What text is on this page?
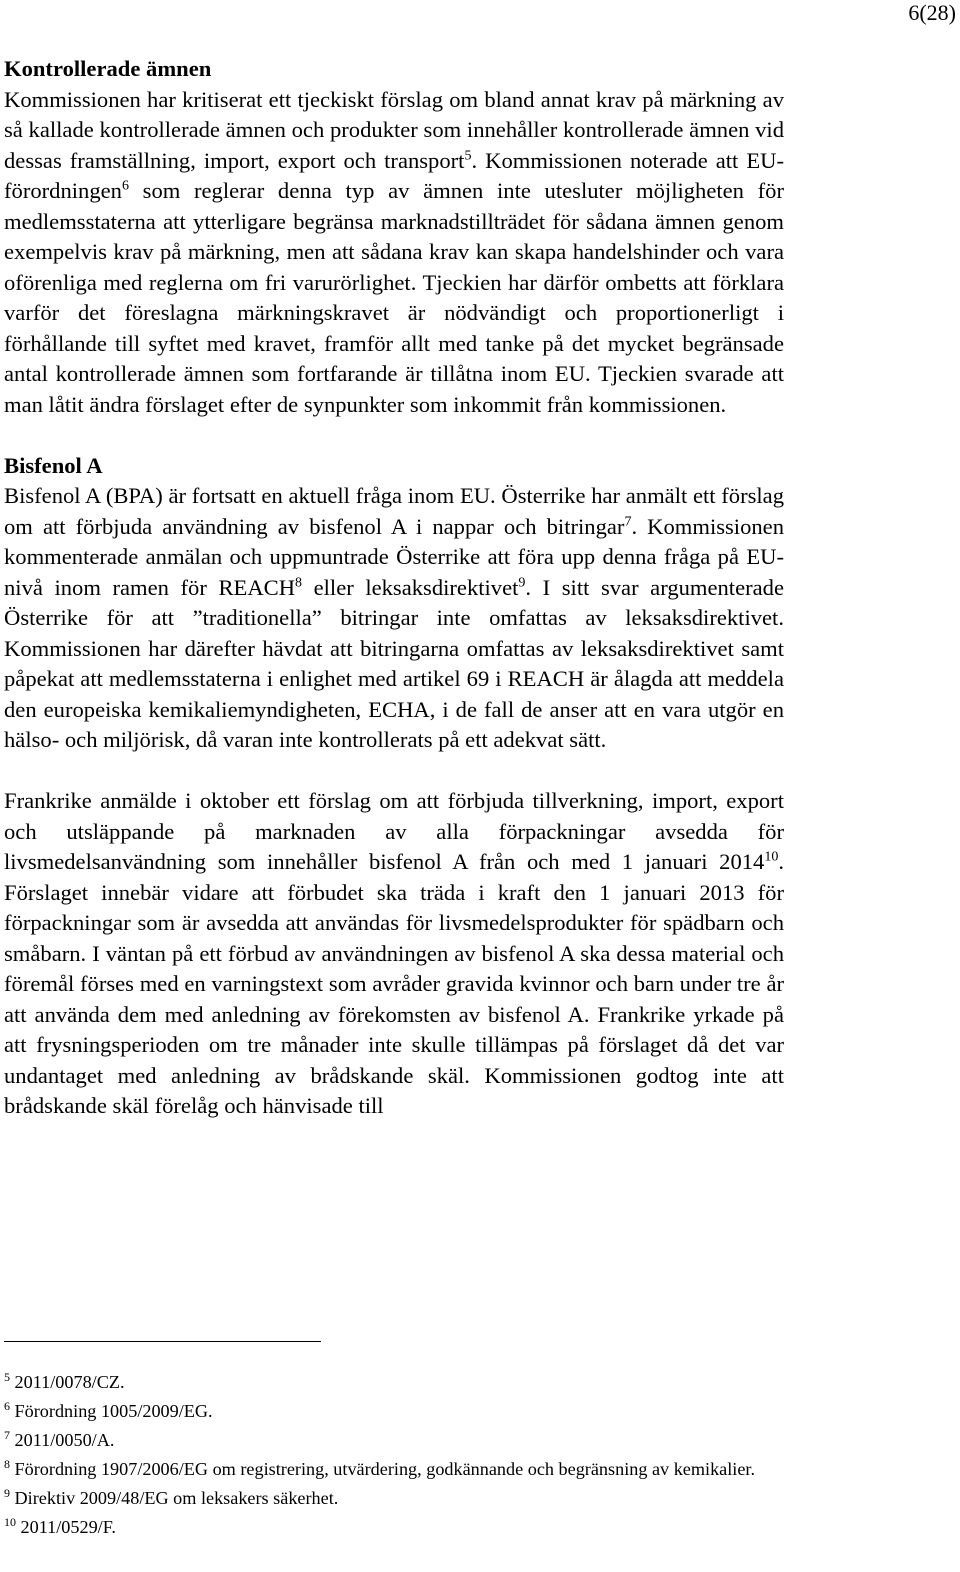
6(28)

Kontrollerade ämnen

Kommissionen har kritiserat ett tjeckiskt förslag om bland annat krav på märkning av så kallade kontrollerade ämnen och produkter som innehåller kontrollerade ämnen vid dessas framställning, import, export och transport$^5$. Kommissionen noterade att EU-förordningen$^6$ som reglerar denna typ av ämnen inte utesluter möjligheten för medlemsstaterna att ytterligare begränsa marknadstillträdet för sådana ämnen genom exempelvis krav på märkning, men att sådana krav kan skapa handelshinder och vara oförenliga med reglerna om fri varurörlighet. Tjeckien har därför ombetts att förklara varför det föreslagna märkningskravet är nödvändigt och proportionerligt i förhållande till syftet med kravet, framför allt med tanke på det mycket begränsade antal kontrollerade ämnen som fortfarande är tillåtna inom EU. Tjeckien svarade att man låtit ändra förslaget efter de synpunkter som inkommit från kommissionen.

Bisfenol A

Bisfenol A (BPA) är fortsatt en aktuell fråga inom EU. Österrike har anmält ett förslag om att förbjuda användning av bisfenol A i nappar och bitringar$^7$. Kommissionen kommenterade anmälan och uppmuntrade Österrike att föra upp denna fråga på EU-nivå inom ramen för REACH$^8$ eller leksaksdirektivet$^9$. I sitt svar argumenterade Österrike för att ”traditionella” bitringar inte omfattas av leksaksdirektivet. Kommissionen har därefter hävdat att bitringarna omfattas av leksaksdirektivet samt påpekat att medlemsstaterna i enlighet med artikel 69 i REACH är ålagda att meddela den europeiska kemikaliemyndigheten, ECHA, i de fall de anser att en vara utgör en hälso- och miljörisk, då varan inte kontrollerats på ett adekvat sätt.

Frankrike anmälde i oktober ett förslag om att förbjuda tillverkning, import, export och utsläppande på marknaden av alla förpackningar avsedda för livsmedelsanvändning som innehåller bisfenol A från och med 1 januari 2014$^{10}$. Förslaget innebär vidare att förbudet ska träda i kraft den 1 januari 2013 för förpackningar som är avsedda att användas för livsmedelsprodukter för spädbarn och småbarn. I väntan på ett förbud av användningen av bisfenol A ska dessa material och föremål förses med en varningstext som avråder gravida kvinnor och barn under tre år att använda dem med anledning av förekomsten av bisfenol A. Frankrike yrkade på att frysningsperioden om tre månader inte skulle tillämpas på förslaget då det var undantaget med anledning av brådskande skäl. Kommissionen godtog inte att brådskande skäl förelåg och hänvisade till

$^5$ 2011/0078/CZ.

$^6$ Förordning 1005/2009/EG.

$^7$ 2011/0050/A.

$^8$ Förordning 1907/2006/EG om registrering, utvärdering, godkännande och begränsning av kemikalier.

$^9$ Direktiv 2009/48/EG om leksakers säkerhet.

$^{10}$ 2011/0529/F.
